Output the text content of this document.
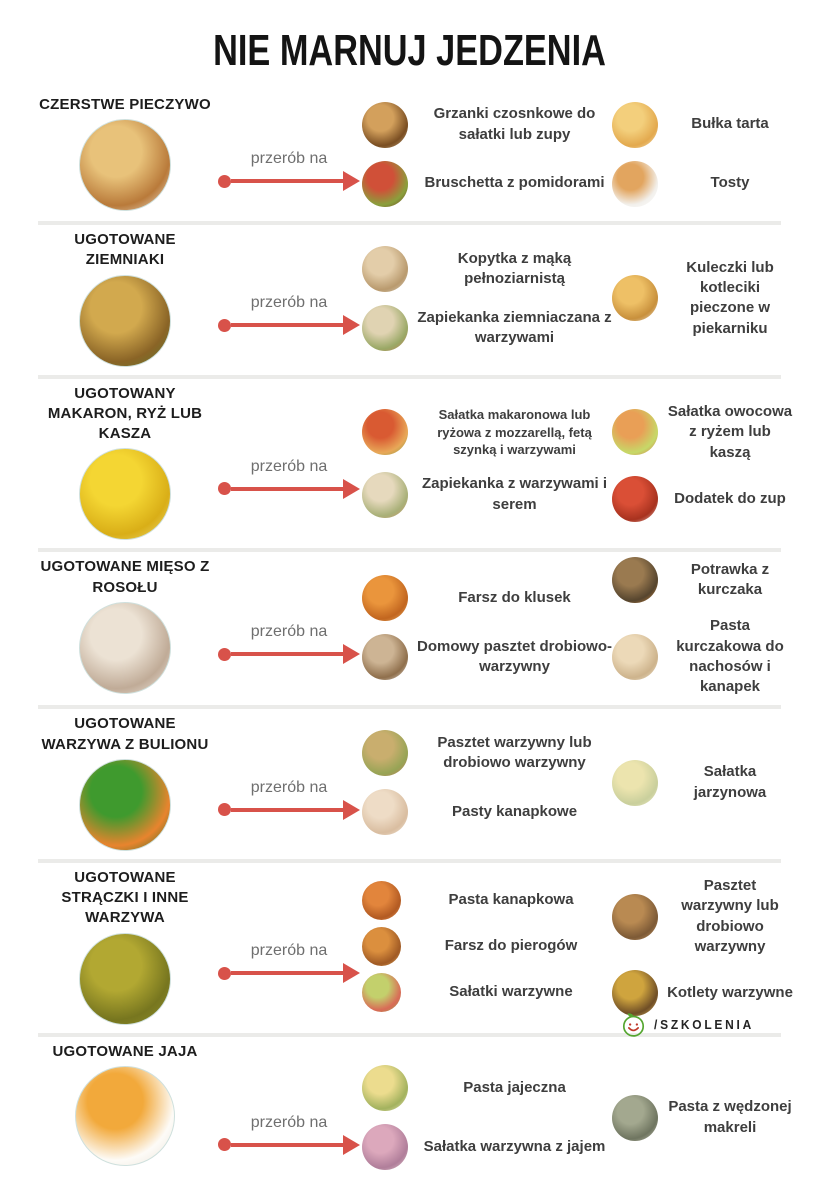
NIE MARNUJ JEDZENIA
CZERSTWE PIECZYWO
przerób na
Grzanki czosnkowe do sałatki lub zupy
Bruschetta z pomidorami
Bułka tarta
Tosty
UGOTOWANE ZIEMNIAKI
przerób na
Kopytka z mąką pełnoziarnistą
Zapiekanka ziemniaczana z warzywami
Kuleczki lub kotleciki pieczone w piekarniku
UGOTOWANY MAKARON, RYŻ LUB KASZA
przerób na
Sałatka makaronowa lub ryżowa z mozzarellą, fetą szynką i warzywami
Zapiekanka z warzywami i serem
Sałatka owocowa z ryżem lub kaszą
Dodatek do zup
UGOTOWANE MIĘSO Z ROSOŁU
przerób na
Farsz do klusek
Domowy pasztet drobiowo-warzywny
Potrawka z kurczaka
Pasta kurczakowa do nachosów i kanapek
UGOTOWANE WARZYWA Z BULIONU
przerób na
Pasztet warzywny lub drobiowo warzywny
Pasty kanapkowe
Sałatka jarzynowa
UGOTOWANE STRĄCZKI I INNE WARZYWA
przerób na
Pasta kanapkowa
Farsz do pierogów
Sałatki warzywne
Pasztet warzywny lub drobiowo warzywny
Kotlety warzywne
UGOTOWANE JAJA
przerób na
Pasta jajeczna
Sałatka warzywna z jajem
Pasta z wędzonej makreli
/SZKOLENIA
